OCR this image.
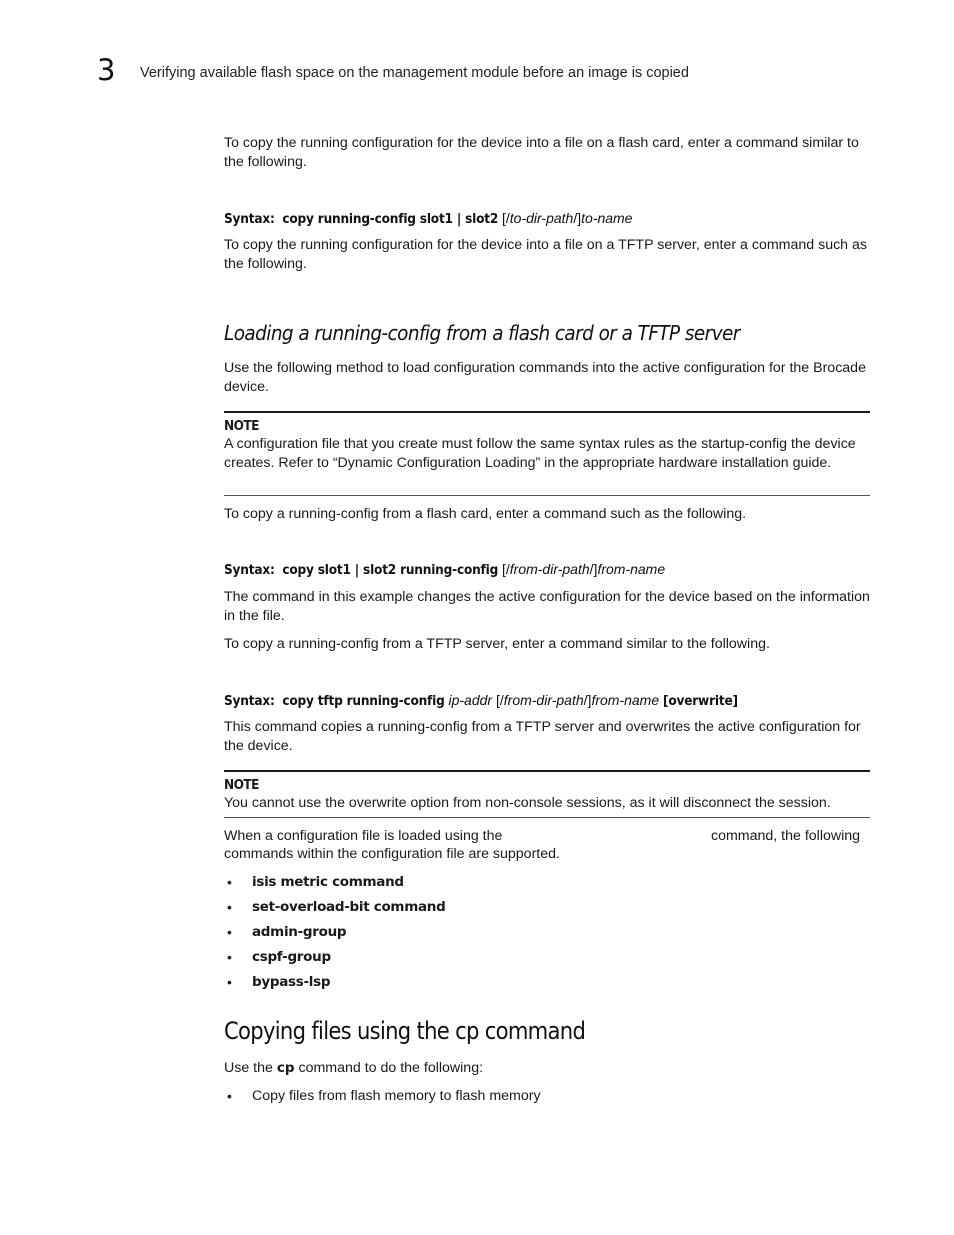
3 Verifying available flash space on the management module before an image is copied

To copy the running configuration for the device into a file on a flash card, enter a command similar to the following.

Syntax: copy running-config slot1 | slot2 [/to-dir-path/]to-name

To copy the running configuration for the device into a file on a TFTP server, enter a command such as the following.

Loading a running-config from a flash card or a TFTP server

Use the following method to load configuration commands into the active configuration for the Brocade device.

NOTE

A configuration file that you create must follow the same syntax rules as the startup-config the device creates. Refer to “Dynamic Configuration Loading” in the appropriate hardware installation guide.

To copy a running-config from a flash card, enter a command such as the following.

Syntax: copy slot1 | slot2 running-config [/from-dir-path/]from-name

The command in this example changes the active configuration for the device based on the information in the file.

To copy a running-config from a TFTP server, enter a command similar to the following.

Syntax: copy tftp running-config ip-addr [/from-dir-path/]from-name [overwrite]

This command copies a running-config from a TFTP server and overwrites the active configuration for the device.

NOTE

You cannot use the overwrite option from non-console sessions, as it will disconnect the session.

When a configuration file is loaded using the	command, the following
commands within the configuration file are supported.
• isis metric command
• set-overload-bit command
• admin-group
• cspf-group
• bypass-lsp
Copying files using the cp command
Use the cp command to do the following:
• Copy files from flash memory to flash memory
